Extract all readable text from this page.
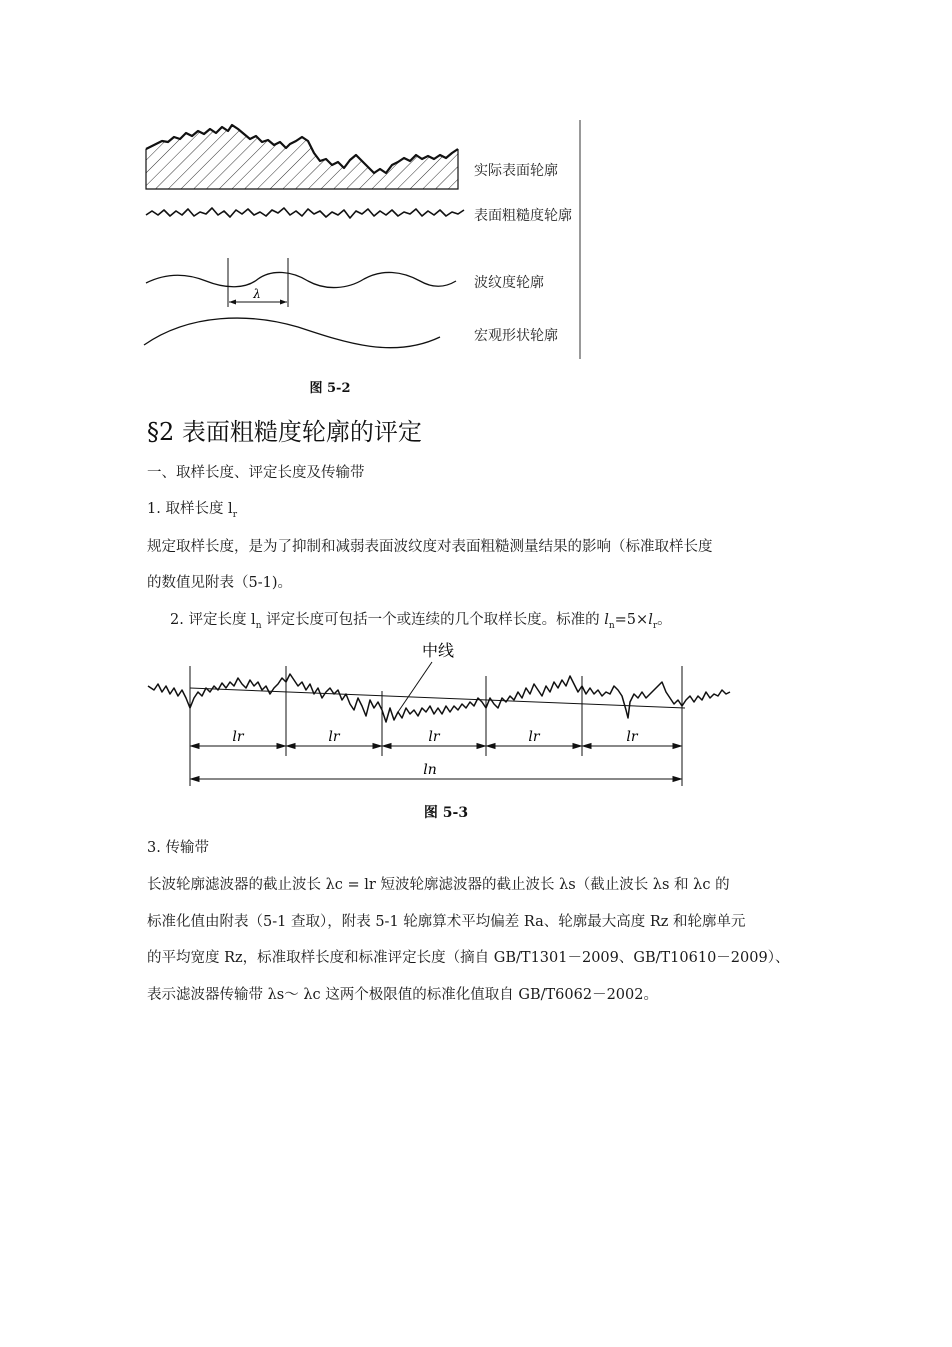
λ
实际表面轮廓
表面粗糙度轮廓
波纹度轮廓
宏观形状轮廓
图 5-2
§2 表面粗糙度轮廓的评定
一、取样长度、评定长度及传输带
1. 取样长度 $l_r$
规定取样长度，是为了抑制和减弱表面波纹度对表面粗糙测量结果的影响（标准取样长度
的数值见附表（5-1)。
2. 评定长度 $l_n$ 评定长度可包括一个或连续的几个取样长度。标准的 $l_n=5\times l_r$。
中线
lr	lr	lr	lr	lr
ln
图 5-3
3. 传输带
长波轮廓滤波器的截止波长 λc = lr 短波轮廓滤波器的截止波长 λs（截止波长 λs 和 λc 的
标准化值由附表（5-1 查取），附表 5-1 轮廓算术平均偏差 Ra、轮廓最大高度 Rz 和轮廓单元
的平均宽度 Rz，标准取样长度和标准评定长度（摘自 GB/T1301－2009、GB/T10610－2009）、
表示滤波器传输带 λs～ λc 这两个极限值的标准化值取自 GB/T6062－2002。
